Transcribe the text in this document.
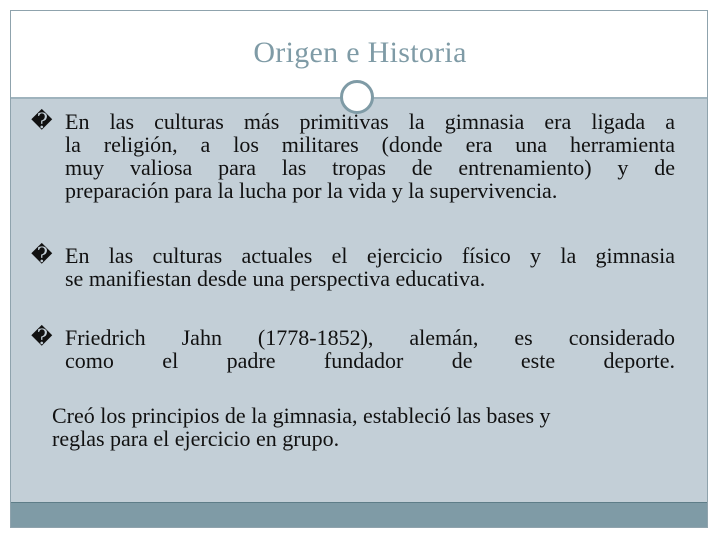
Origen e Historia
� En las culturas más primitivas la gimnasia era ligada a
la religión, a los militares (donde era una herramienta
muy valiosa para las tropas de entrenamiento) y de
preparación para la lucha por la vida y la supervivencia.
� En las culturas actuales el ejercicio físico y la gimnasia
se manifiestan desde una perspectiva educativa.
� Friedrich Jahn (1778-1852), alemán, es considerado
como el padre fundador de este deporte.
Creó los principios de la gimnasia, estableció las bases y
reglas para el ejercicio en grupo.
